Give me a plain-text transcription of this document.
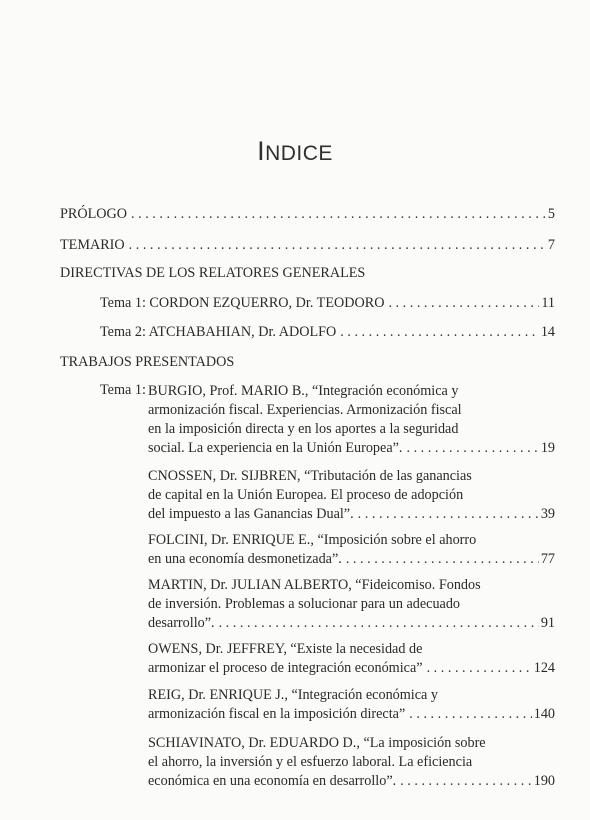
INDICE
PRÓLOGO . . .	5
TEMARIO . . .	7
DIRECTIVAS DE LOS RELATORES GENERALES
Tema 1: CORDON EZQUERRO, Dr. TEODORO . . .	11
Tema 2: ATCHABAHIAN, Dr. ADOLFO . . .	14
TRABAJOS PRESENTADOS
Tema 1: BURGIO, Prof. MARIO B., “Integración económica y
armonización fiscal. Experiencias. Armonización fiscal
en la imposición directa y en los aportes a la seguridad
social. La experiencia en la Unión Europea”. . . .	19
CNOSSEN, Dr. SIJBREN, “Tributación de las ganancias
de capital en la Unión Europea. El proceso de adopción
del impuesto a las Ganancias Dual”. . . .	39
FOLCINI, Dr. ENRIQUE E., “Imposición sobre el ahorro
en una economía desmonetizada”. . . .	77
MARTIN, Dr. JULIAN ALBERTO, “Fideicomiso. Fondos
de inversión. Problemas a solucionar para un adecuado
desarrollo”. . . .	91
OWENS, Dr. JEFFREY, “Existe la necesidad de
armonizar el proceso de integración económica” . . .	124
REIG, Dr. ENRIQUE J., “Integración económica y
armonización fiscal en la imposición directa” . . .	140
SCHIAVINATO, Dr. EDUARDO D., “La imposición sobre
el ahorro, la inversión y el esfuerzo laboral. La eficiencia
económica en una economía en desarrollo”. . . .	190
